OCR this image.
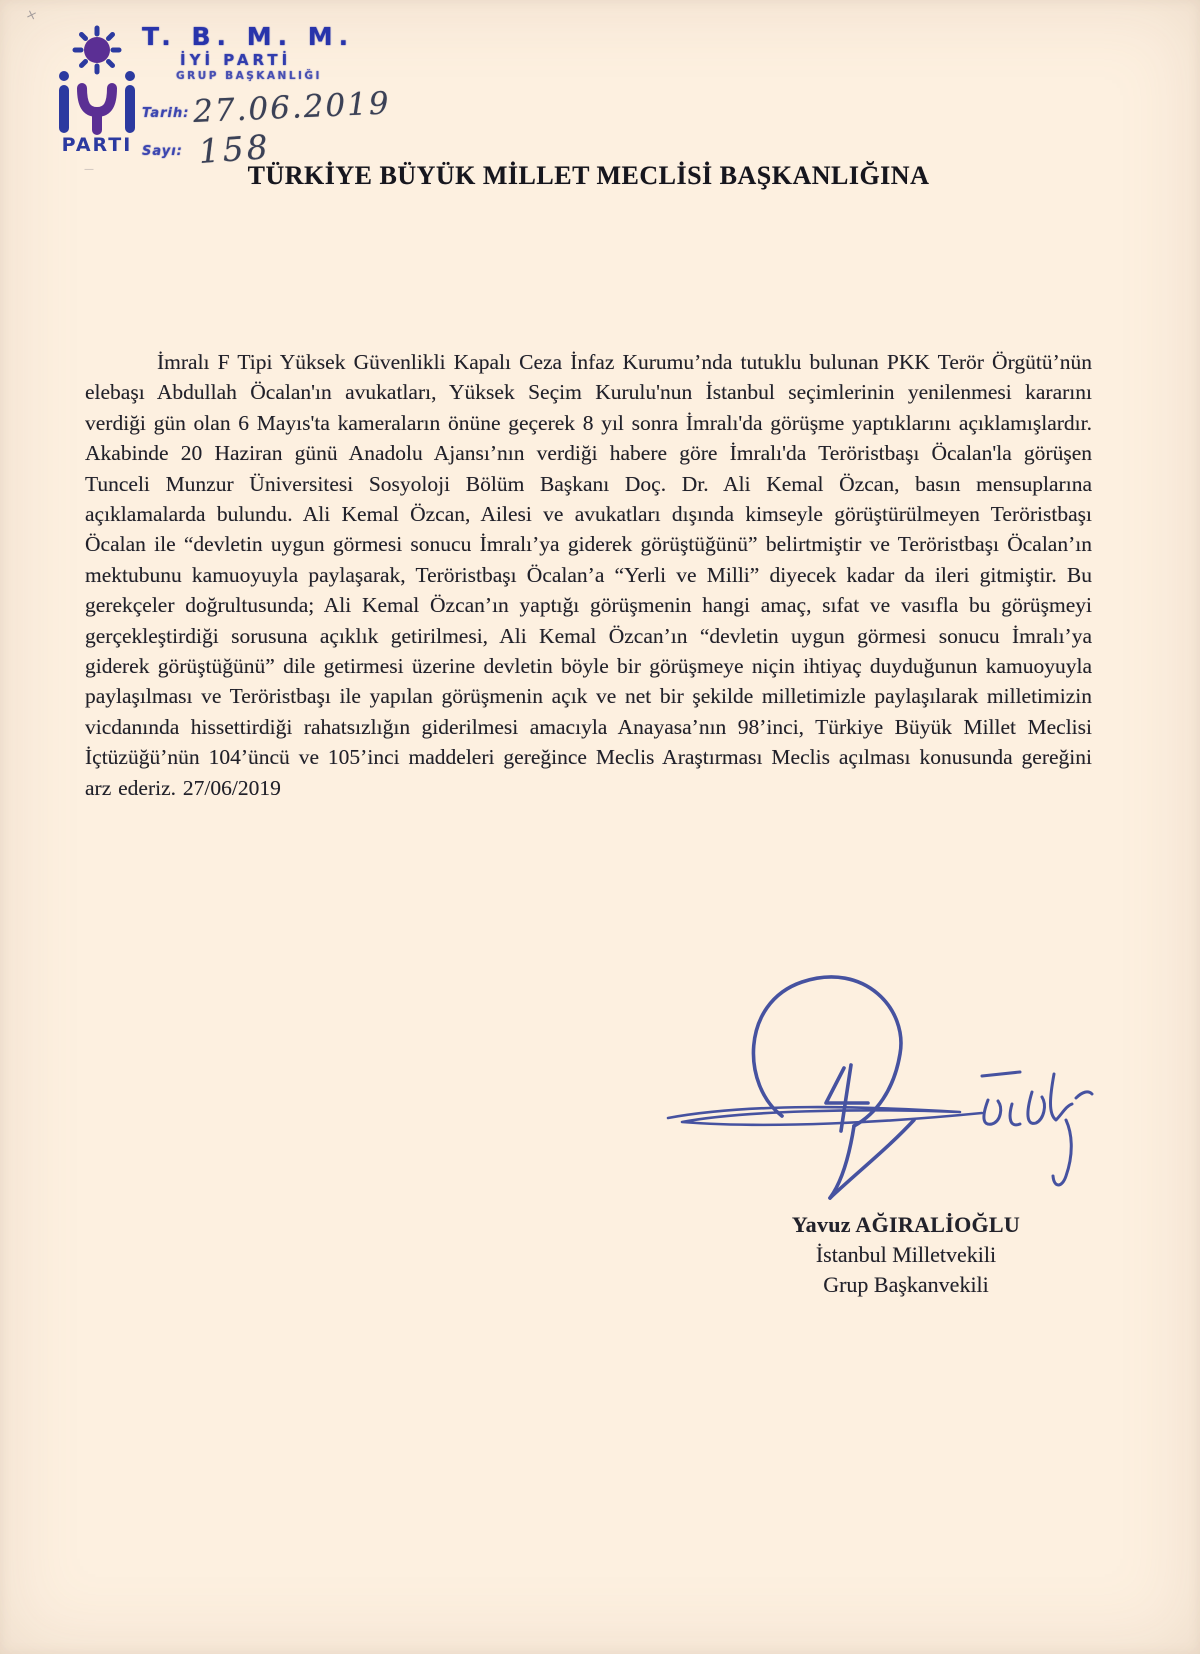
×
—
PARTI
T. B. M. M.
İYİ PARTİ
GRUP BAŞKANLIĞI
Tarih: 27.06.2019
Sayı: 158
TÜRKİYE BÜYÜK MİLLET MECLİSİ BAŞKANLIĞINA
İmralı F Tipi Yüksek Güvenlikli Kapalı Ceza İnfaz Kurumu’nda tutuklu bulunan PKK Terör Örgütü’nün elebaşı Abdullah Öcalan'ın avukatları, Yüksek Seçim Kurulu'nun İstanbul seçimlerinin yenilenmesi kararını verdiği gün olan 6 Mayıs'ta kameraların önüne geçerek 8 yıl sonra İmralı'da görüşme yaptıklarını açıklamışlardır. Akabinde 20 Haziran günü Anadolu Ajansı’nın verdiği habere göre İmralı'da Teröristbaşı Öcalan'la görüşen Tunceli Munzur Üniversitesi Sosyoloji Bölüm Başkanı Doç. Dr. Ali Kemal Özcan, basın mensuplarına açıklamalarda bulundu. Ali Kemal Özcan, Ailesi ve avukatları dışında kimseyle görüştürülmeyen Teröristbaşı Öcalan ile “devletin uygun görmesi sonucu İmralı’ya giderek görüştüğünü” belirtmiştir ve Teröristbaşı Öcalan’ın mektubunu kamuoyuyla paylaşarak, Teröristbaşı Öcalan’a “Yerli ve Milli” diyecek kadar da ileri gitmiştir. Bu gerekçeler doğrultusunda; Ali Kemal Özcan’ın yaptığı görüşmenin hangi amaç, sıfat ve vasıfla bu görüşmeyi gerçekleştirdiği sorusuna açıklık getirilmesi, Ali Kemal Özcan’ın “devletin uygun görmesi sonucu İmralı’ya giderek görüştüğünü” dile getirmesi üzerine devletin böyle bir görüşmeye niçin ihtiyaç duyduğunun kamuoyuyla paylaşılması ve Teröristbaşı ile yapılan görüşmenin açık ve net bir şekilde milletimizle paylaşılarak milletimizin vicdanında hissettirdiği rahatsızlığın giderilmesi amacıyla Anayasa’nın 98’inci, Türkiye Büyük Millet Meclisi İçtüzüğü’nün 104’üncü ve 105’inci maddeleri gereğince Meclis Araştırması Meclis açılması konusunda gereğini arz ederiz. 27/06/2019
Yavuz AĞIRALİOĞLU
İstanbul Milletvekili
Grup Başkanvekili
